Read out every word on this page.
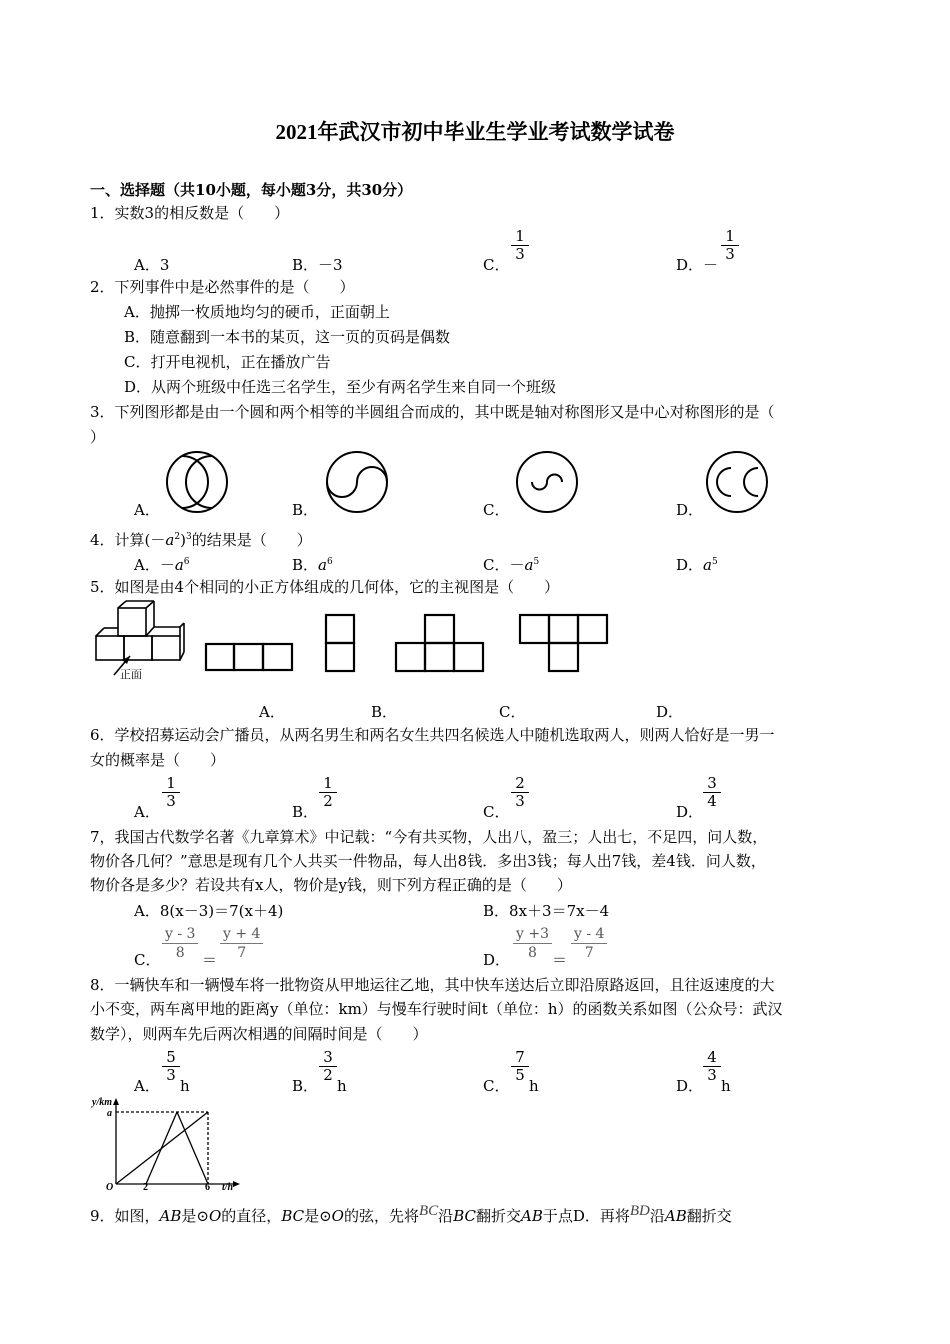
2021年武汉市初中毕业生学业考试数学试卷
一、选择题（共10小题，每小题3分，共30分）
1．实数3的相反数是（　　）
A．3	B．－3	C．
$\frac{1}{3}$
D．－
$\frac{1}{3}$
2．下列事件中是必然事件的是（　　）
A．抛掷一枚质地均匀的硬币，正面朝上
B．随意翻到一本书的某页，这一页的页码是偶数
C．打开电视机，正在播放广告
D．从两个班级中任选三名学生，至少有两名学生来自同一个班级
3．下列图形都是由一个圆和两个相等的半圆组合而成的，其中既是轴对称图形又是中心对称图形的是（
）
A．	B．	C．	D．
4．计算$(-a^2)^3$的结果是（　　）
A．$-a^6$	B．$a^6$	C．$-a^5$	D．$a^5$
5．如图是由4个相同的小正方体组成的几何体，它的主视图是（　　）
正面
A．	B．	C．	D．
6．学校招募运动会广播员，从两名男生和两名女生共四名候选人中随机选取两人，则两人恰好是一男一
女的概率是（　　）
A．
$\frac{1}{3}$
B．
$\frac{1}{2}$
C．
$\frac{2}{3}$
D．
$\frac{3}{4}$
7，我国古代数学名著《九章算术》中记载：“今有共买物，人出八，盈三；人出七，不足四，问人数，
物价各几何？”意思是现有几个人共买一件物品，每人出8钱．多出3钱；每人出7钱，差4钱．问人数，
物价各是多少？若设共有x人，物价是y钱，则下列方程正确的是（　　）
A．8(x－3)＝7(x＋4)	B．8x＋3＝7x－4
C．
y - 3
8	＝
y + 4
7	D．
y +3
8	＝
y - 4
7
8．一辆快车和一辆慢车将一批物资从甲地运往乙地，其中快车送达后立即沿原路返回，且往返速度的大
小不变，两车离甲地的距离y（单位：km）与慢车行驶时间t（单位：h）的函数关系如图（公众号：武汉
数学），则两车先后两次相遇的间隔时间是（　　）
A．
$\frac{5}{3}$
h	B．
$\frac{3}{2}$
h	C．
$\frac{7}{5}$
h	D．
$\frac{4}{3}$
h
y/km
a
O	2	6 t/h
9．如图，AB是⊙O的直径，BC是⊙O的弦，先将BC沿BC翻折交AB于点D．再将BD沿AB翻折交
